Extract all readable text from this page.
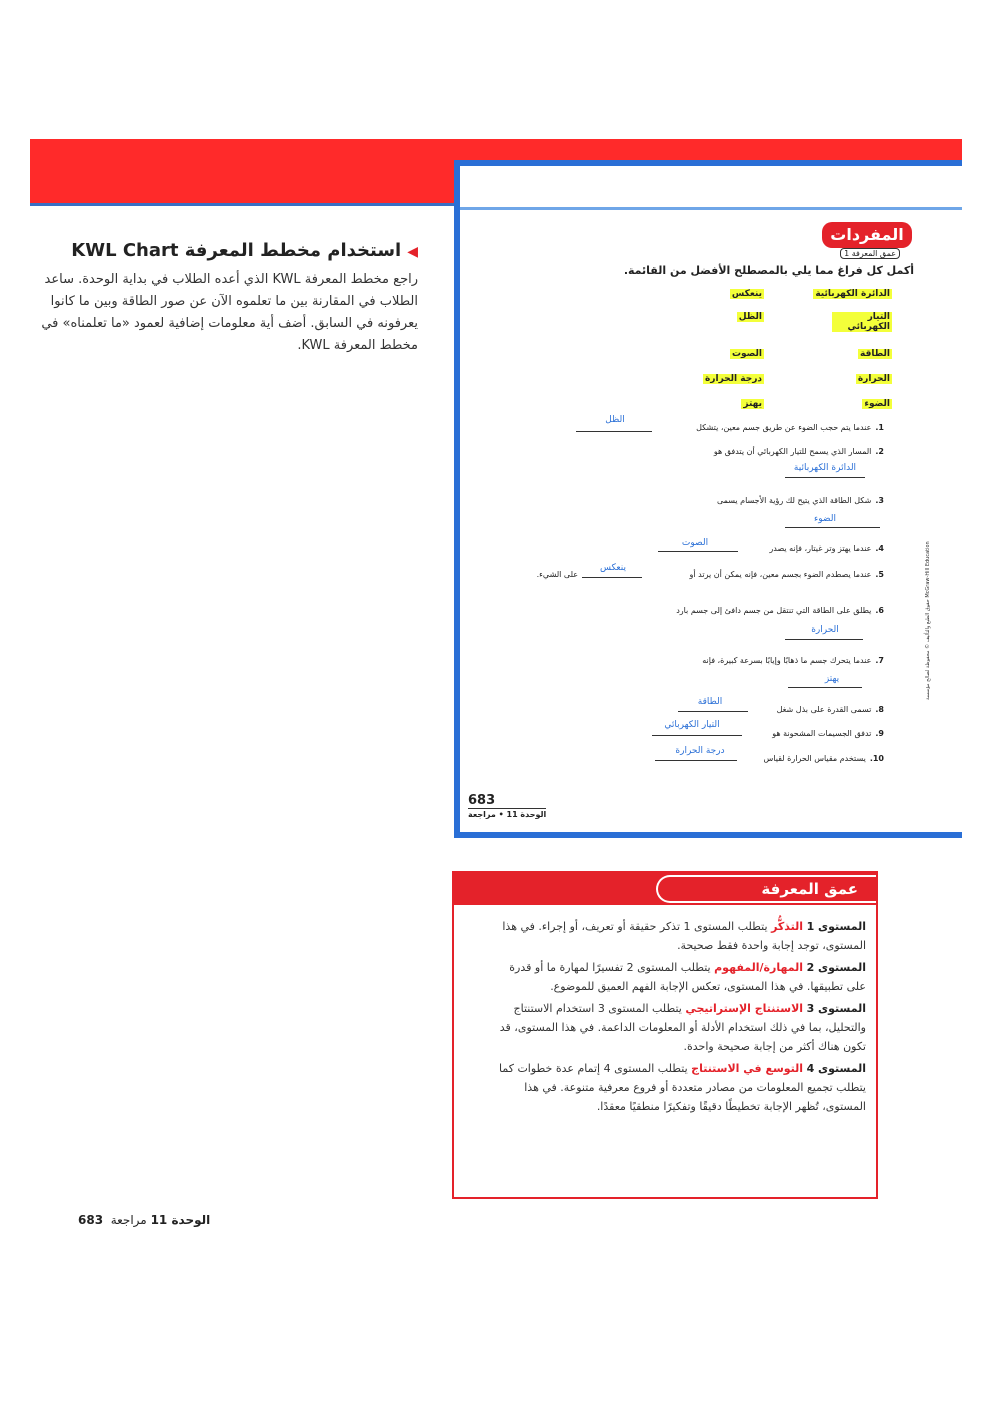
◀استخدام مخطط المعرفة KWL Chart

راجع مخطط المعرفة KWL الذي أعده الطلاب في بداية الوحدة. ساعد الطلاب في المقارنة بين ما تعلموه الآن عن صور الطاقة وبين ما كانوا يعرفونه في السابق. أضف أية معلومات إضافية لعمود «ما تعلمناه» في مخطط المعرفة KWL.

المفردات
عمق المعرفة 1
أكمل كل فراغ مما يلي بالمصطلح الأفضل من القائمة.
الدائرة الكهربائية
ينعكس
التيار الكهربائي
الظل
الطاقة
الصوت
الحرارة
درجة الحرارة
الضوء
يهتز
1.عندما يتم حجب الضوء عن طريق جسم معين، يتشكل
الظل
2.المسار الذي يسمح للتيار الكهربائي أن يتدفق هو
الدائرة الكهربائية
3.شكل الطاقة الذي يتيح لك رؤية الأجسام يسمى
الضوء
4.عندما يهتز وتر غيتار، فإنه يصدر
الصوت
5.عندما يصطدم الضوء بجسم معين، فإنه يمكن أن يرتد أو
ينعكس
على الشيء.
6.يطلق على الطاقة التي تنتقل من جسم دافئ إلى جسم بارد
الحرارة
7.عندما يتحرك جسم ما ذهابًا وإيابًا بسرعة كبيرة، فإنه
يهتز
8.تسمى القدرة على بذل شغل
الطاقة
9.تدفق الجسيمات المشحونة هو
التيار الكهربائي
10.يستخدم مقياس الحرارة لقياس
درجة الحرارة
683
الوحدة 11 • مراجعة
حقوق الطبع والتأليف © محفوظة لصالح مؤسسة McGraw-Hill Education
عمق المعرفة
المستوى 1 التذكُّر يتطلب المستوى 1 تذكر حقيقة أو تعريف، أو إجراء. في هذا المستوى، توجد إجابة واحدة فقط صحيحة.
المستوى 2 المهارة/المفهوم يتطلب المستوى 2 تفسيرًا لمهارة ما أو قدرة على تطبيقها. في هذا المستوى، تعكس الإجابة الفهم العميق للموضوع.
المستوى 3 الاستنتاج الإستراتيجي يتطلب المستوى 3 استخدام الاستنتاج والتحليل، بما في ذلك استخدام الأدلة أو المعلومات الداعمة. في هذا المستوى، قد تكون هناك أكثر من إجابة صحيحة واحدة.
المستوى 4 التوسع في الاستنتاج يتطلب المستوى 4 إتمام عدة خطوات كما يتطلب تجميع المعلومات من مصادر متعددة أو فروع معرفية متنوعة. في هذا المستوى، تُظهر الإجابة تخطيطًا دقيقًا وتفكيرًا منطقيًا معقدًا.
683	الوحدة 11 مراجعة
